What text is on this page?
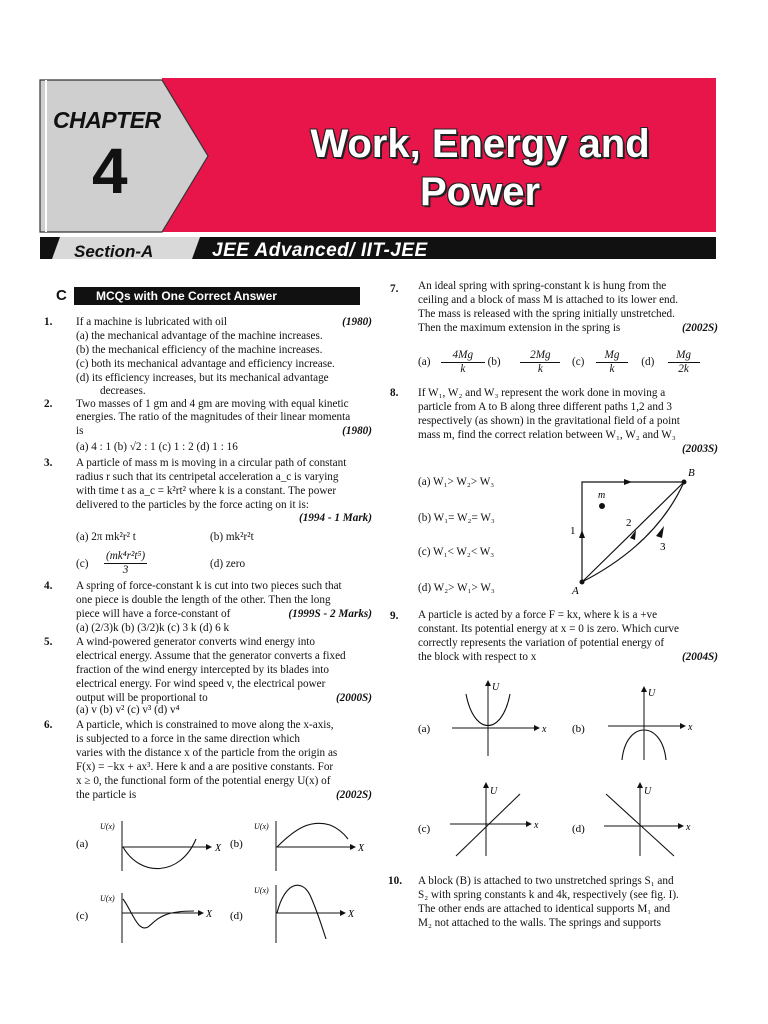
CHAPTER
4	Work, Energy and
Power
Section-A	JEE Advanced/ IIT-JEE
C	MCQs with One Correct Answer
1. If a machine is lubricated with oil	(1980)
(a) the mechanical advantage of the machine increases.
(b) the mechanical efficiency of the machine increases.
(c) both its mechanical advantage and efficiency increase.
(d) its efficiency increases, but its mechanical advantage
decreases.
2. Two masses of 1 gm and 4 gm are moving with equal kinetic
energies. The ratio of the magnitudes of their linear momenta
is	(1980)
(a) 4 : 1 (b) √2 : 1 (c) 1 : 2 (d) 1 : 16
3. A particle of mass m is moving in a circular path of constant
radius r such that its centripetal acceleration a_c is varying
with time t as a_c = k²rt² where k is a constant. The power
delivered to the particles by the force acting on it is:
(1994 - 1 Mark)
(a) 2π mk²r² t	(b) mk²r²t
$(c) \frac{\text{(mk⁴r²t⁵)}}{3}$	(d) zero
4. A spring of force-constant k is cut into two pieces such that
one piece is double the length of the other. Then the long
piece will have a force-constant of	(1999S - 2 Marks)
(a) (2/3)k (b) (3/2)k (c) 3 k (d) 6 k
5. A wind-powered generator converts wind energy into
electrical energy. Assume that the generator converts a fixed
fraction of the wind energy intercepted by its blades into
electrical energy. For wind speed v, the electrical power
output will be proportional to	(2000S)
(a) v (b) v² (c) v³ (d) v⁴
6. A particle, which is constrained to move along the x-axis,
is subjected to a force in the same direction which
varies with the distance x of the particle from the origin as
F(x) = −kx + ax³. Here k and a are positive constants. For
x ≥ 0, the functional form of the potential energy U(x) of
the particle is	(2002S)
(a)
U(x)
X (b)
U(x)
X
(c)
U(x)
X (d)
U(x)
X
7. An ideal spring with spring-constant k is hung from the
ceiling and a block of mass M is attached to its lower end.
The mass is released with the spring initially unstretched.
Then the maximum extension in the spring is	(2002S)
$(a) \frac{4Mg}{k} (b) \frac{2Mg}{k} (c) \frac{Mg}{k} (d) \frac{Mg}{2k}$
8. If W₁, W₂ and W₃ represent the work done in moving a
particle from A to B along three different paths 1,2 and 3
respectively (as shown) in the gravitational field of a point
mass m, find the correct relation between W₁, W₂ and W₃
(2003S)
(a) W₁> W₂> W₃
(b) W₁= W₂= W₃
(c) W₁< W₂< W₃
(d) W₂> W₁> W₃
m
A
B
1
2
3
9. A particle is acted by a force F = kx, where k is a +ve
constant. Its potential energy at x = 0 is zero. Which curve
correctly represents the variation of potential energy of
the block with respect to x	(2004S)
(a)
U
x (b)
U
x
(c)
U
x	(d)
U
x
10. A block (B) is attached to two unstretched springs S₁ and
S₂ with spring constants k and 4k, respectively (see fig. I).
The other ends are attached to identical supports M₁ and
M₂ not attached to the walls. The springs and supports
